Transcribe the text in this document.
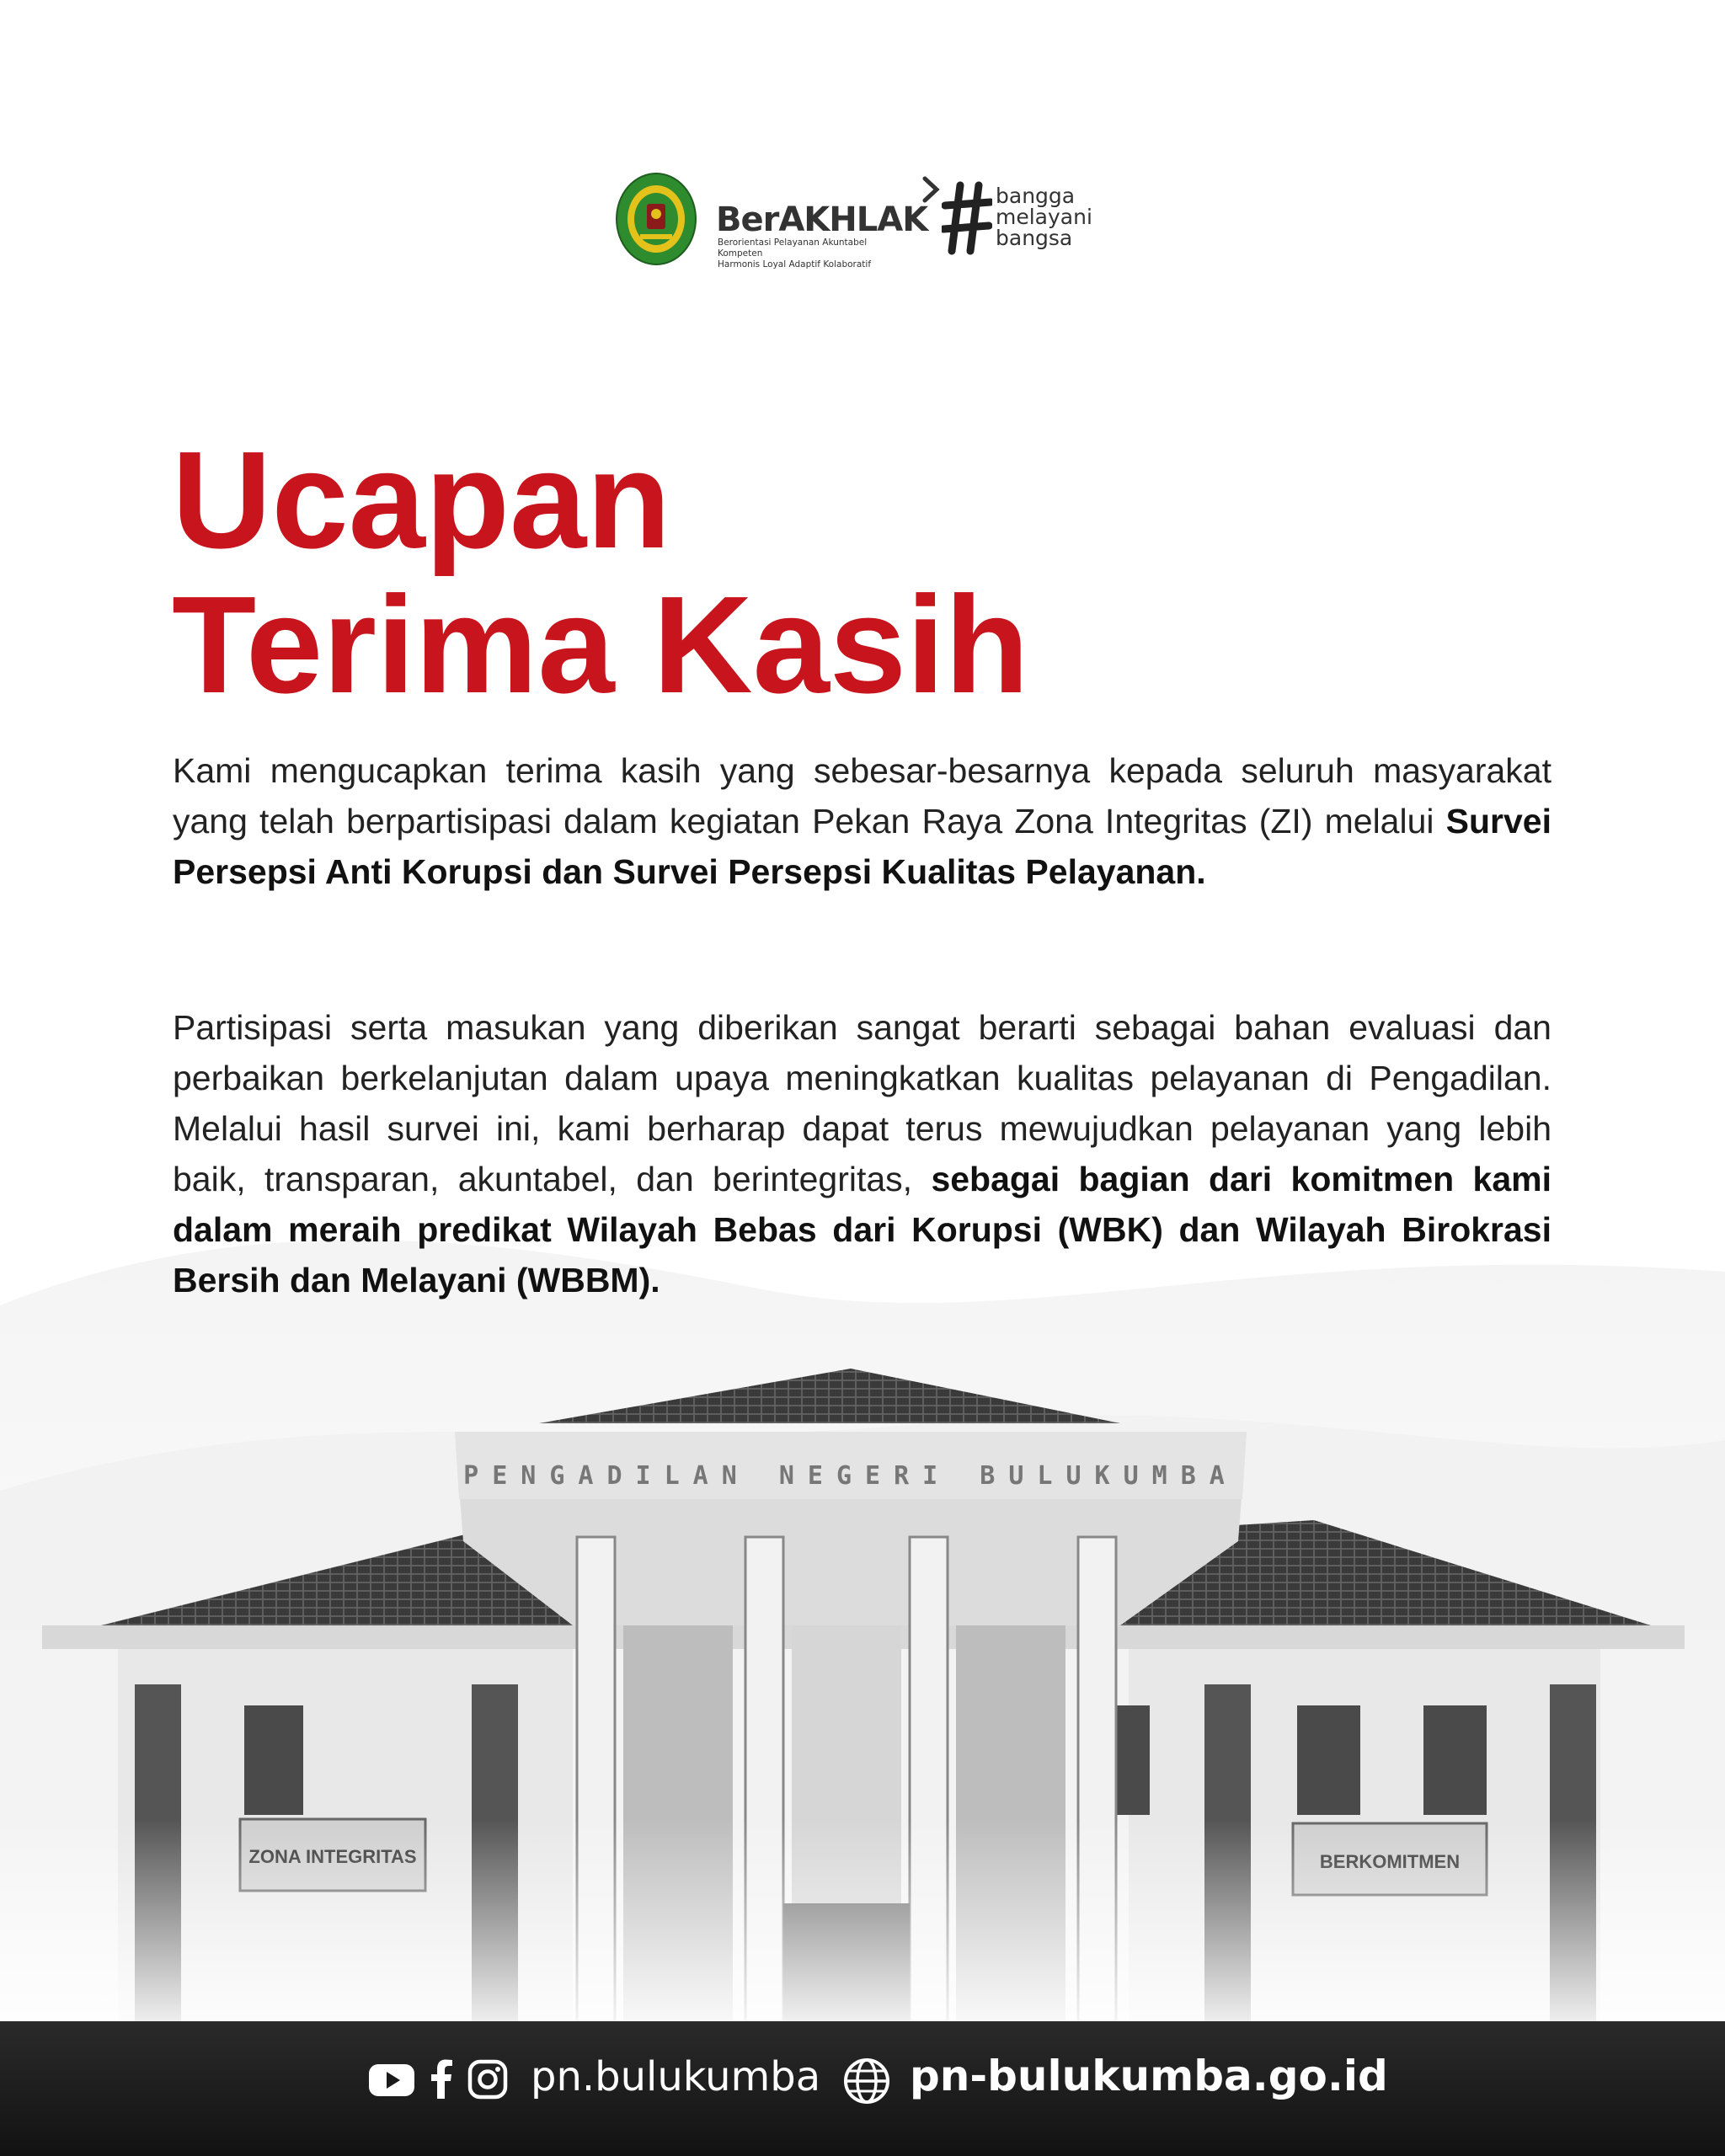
BerAKHLAK
Berorientasi Pelayanan Akuntabel Kompeten
Harmonis Loyal Adaptif Kolaboratif
bangga
melayani
bangsa
Ucapan
Terima Kasih

Kami mengucapkan terima kasih yang sebesar-besarnya kepada seluruh masyarakat yang telah berpartisipasi dalam kegiatan Pekan Raya Zona Integritas (ZI) melalui Survei Persepsi Anti Korupsi dan Survei Persepsi Kualitas Pelayanan.

Partisipasi serta masukan yang diberikan sangat berarti sebagai bahan evaluasi dan perbaikan berkelanjutan dalam upaya meningkatkan kualitas pelayanan di Pengadilan. Melalui hasil survei ini, kami berharap dapat terus mewujudkan pelayanan yang lebih baik, transparan, akuntabel, dan berintegritas, sebagai bagian dari komitmen kami dalam meraih predikat Wilayah Bebas dari Korupsi (WBK) dan Wilayah Birokrasi Bersih dan Melayani (WBBM).

pn.bulukumba pn-bulukumba.go.id
